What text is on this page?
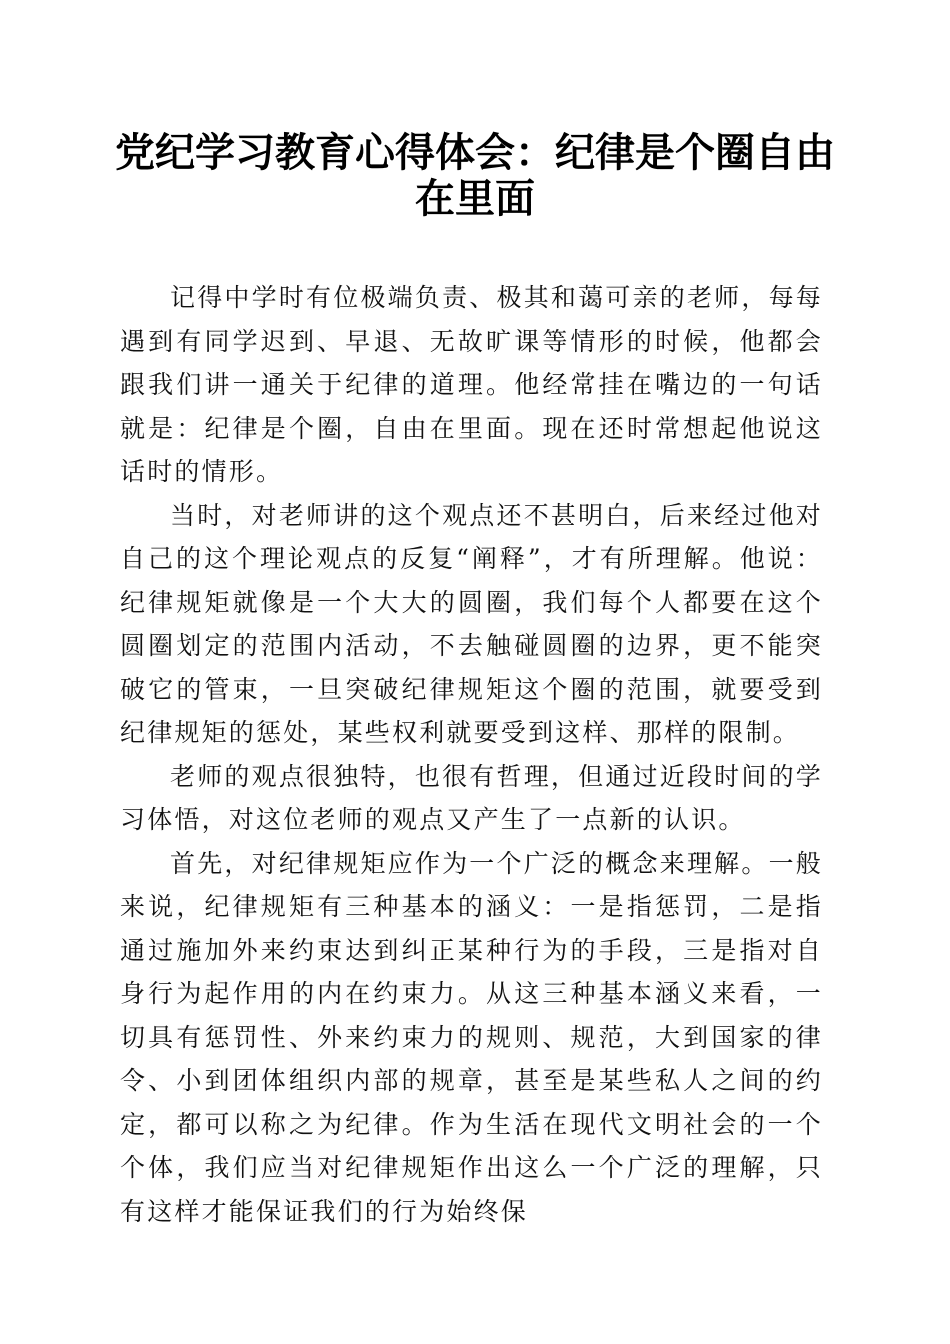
党纪学习教育心得体会：纪律是个圈自由在里面

记得中学时有位极端负责、极其和蔼可亲的老师，每每遇到有同学迟到、早退、无故旷课等情形的时候，他都会跟我们讲一通关于纪律的道理。他经常挂在嘴边的一句话就是：纪律是个圈，自由在里面。现在还时常想起他说这话时的情形。

当时，对老师讲的这个观点还不甚明白，后来经过他对自己的这个理论观点的反复“阐释”，才有所理解。他说：纪律规矩就像是一个大大的圆圈，我们每个人都要在这个圆圈划定的范围内活动，不去触碰圆圈的边界，更不能突破它的管束，一旦突破纪律规矩这个圈的范围，就要受到纪律规矩的惩处，某些权利就要受到这样、那样的限制。

老师的观点很独特，也很有哲理，但通过近段时间的学习体悟，对这位老师的观点又产生了一点新的认识。

首先，对纪律规矩应作为一个广泛的概念来理解。一般来说，纪律规矩有三种基本的涵义：一是指惩罚，二是指通过施加外来约束达到纠正某种行为的手段，三是指对自身行为起作用的内在约束力。从这三种基本涵义来看，一切具有惩罚性、外来约束力的规则、规范，大到国家的律令、小到团体组织内部的规章，甚至是某些私人之间的约定，都可以称之为纪律。作为生活在现代文明社会的一个个体，我们应当对纪律规矩作出这么一个广泛的理解，只有这样才能保证我们的行为始终保
